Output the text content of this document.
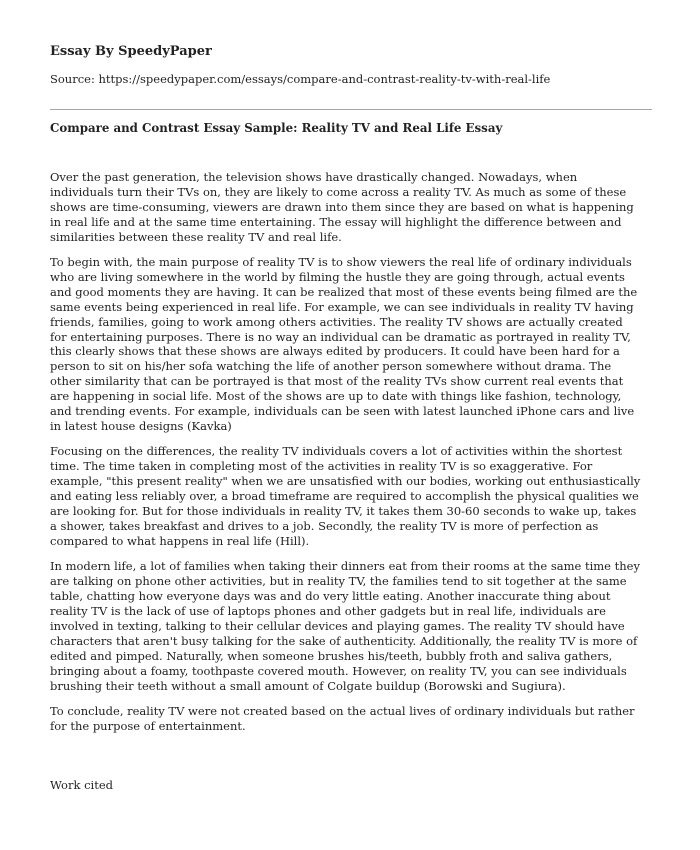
Essay By SpeedyPaper
Source: https://speedypaper.com/essays/compare-and-contrast-reality-tv-with-real-life
Compare and Contrast Essay Sample: Reality TV and Real Life Essay

Over the past generation, the television shows have drastically changed. Nowadays, when
individuals turn their TVs on, they are likely to come across a reality TV. As much as some of these
shows are time-consuming, viewers are drawn into them since they are based on what is happening
in real life and at the same time entertaining. The essay will highlight the difference between and
similarities between these reality TV and real life.

To begin with, the main purpose of reality TV is to show viewers the real life of ordinary individuals
who are living somewhere in the world by filming the hustle they are going through, actual events
and good moments they are having. It can be realized that most of these events being filmed are the
same events being experienced in real life. For example, we can see individuals in reality TV having
friends, families, going to work among others activities. The reality TV shows are actually created
for entertaining purposes. There is no way an individual can be dramatic as portrayed in reality TV,
this clearly shows that these shows are always edited by producers. It could have been hard for a
person to sit on his/her sofa watching the life of another person somewhere without drama. The
other similarity that can be portrayed is that most of the reality TVs show current real events that
are happening in social life. Most of the shows are up to date with things like fashion, technology,
and trending events. For example, individuals can be seen with latest launched iPhone cars and live
in latest house designs (Kavka)

Focusing on the differences, the reality TV individuals covers a lot of activities within the shortest
time. The time taken in completing most of the activities in reality TV is so exaggerative. For
example, "this present reality" when we are unsatisfied with our bodies, working out enthusiastically
and eating less reliably over, a broad timeframe are required to accomplish the physical qualities we
are looking for. But for those individuals in reality TV, it takes them 30-60 seconds to wake up, takes
a shower, takes breakfast and drives to a job. Secondly, the reality TV is more of perfection as
compared to what happens in real life (Hill).

In modern life, a lot of families when taking their dinners eat from their rooms at the same time they
are talking on phone other activities, but in reality TV, the families tend to sit together at the same
table, chatting how everyone days was and do very little eating. Another inaccurate thing about
reality TV is the lack of use of laptops phones and other gadgets but in real life, individuals are
involved in texting, talking to their cellular devices and playing games. The reality TV should have
characters that aren't busy talking for the sake of authenticity. Additionally, the reality TV is more of
edited and pimped. Naturally, when someone brushes his/teeth, bubbly froth and saliva gathers,
bringing about a foamy, toothpaste covered mouth. However, on reality TV, you can see individuals
brushing their teeth without a small amount of Colgate buildup (Borowski and Sugiura).

To conclude, reality TV were not created based on the actual lives of ordinary individuals but rather
for the purpose of entertainment.

Work cited
